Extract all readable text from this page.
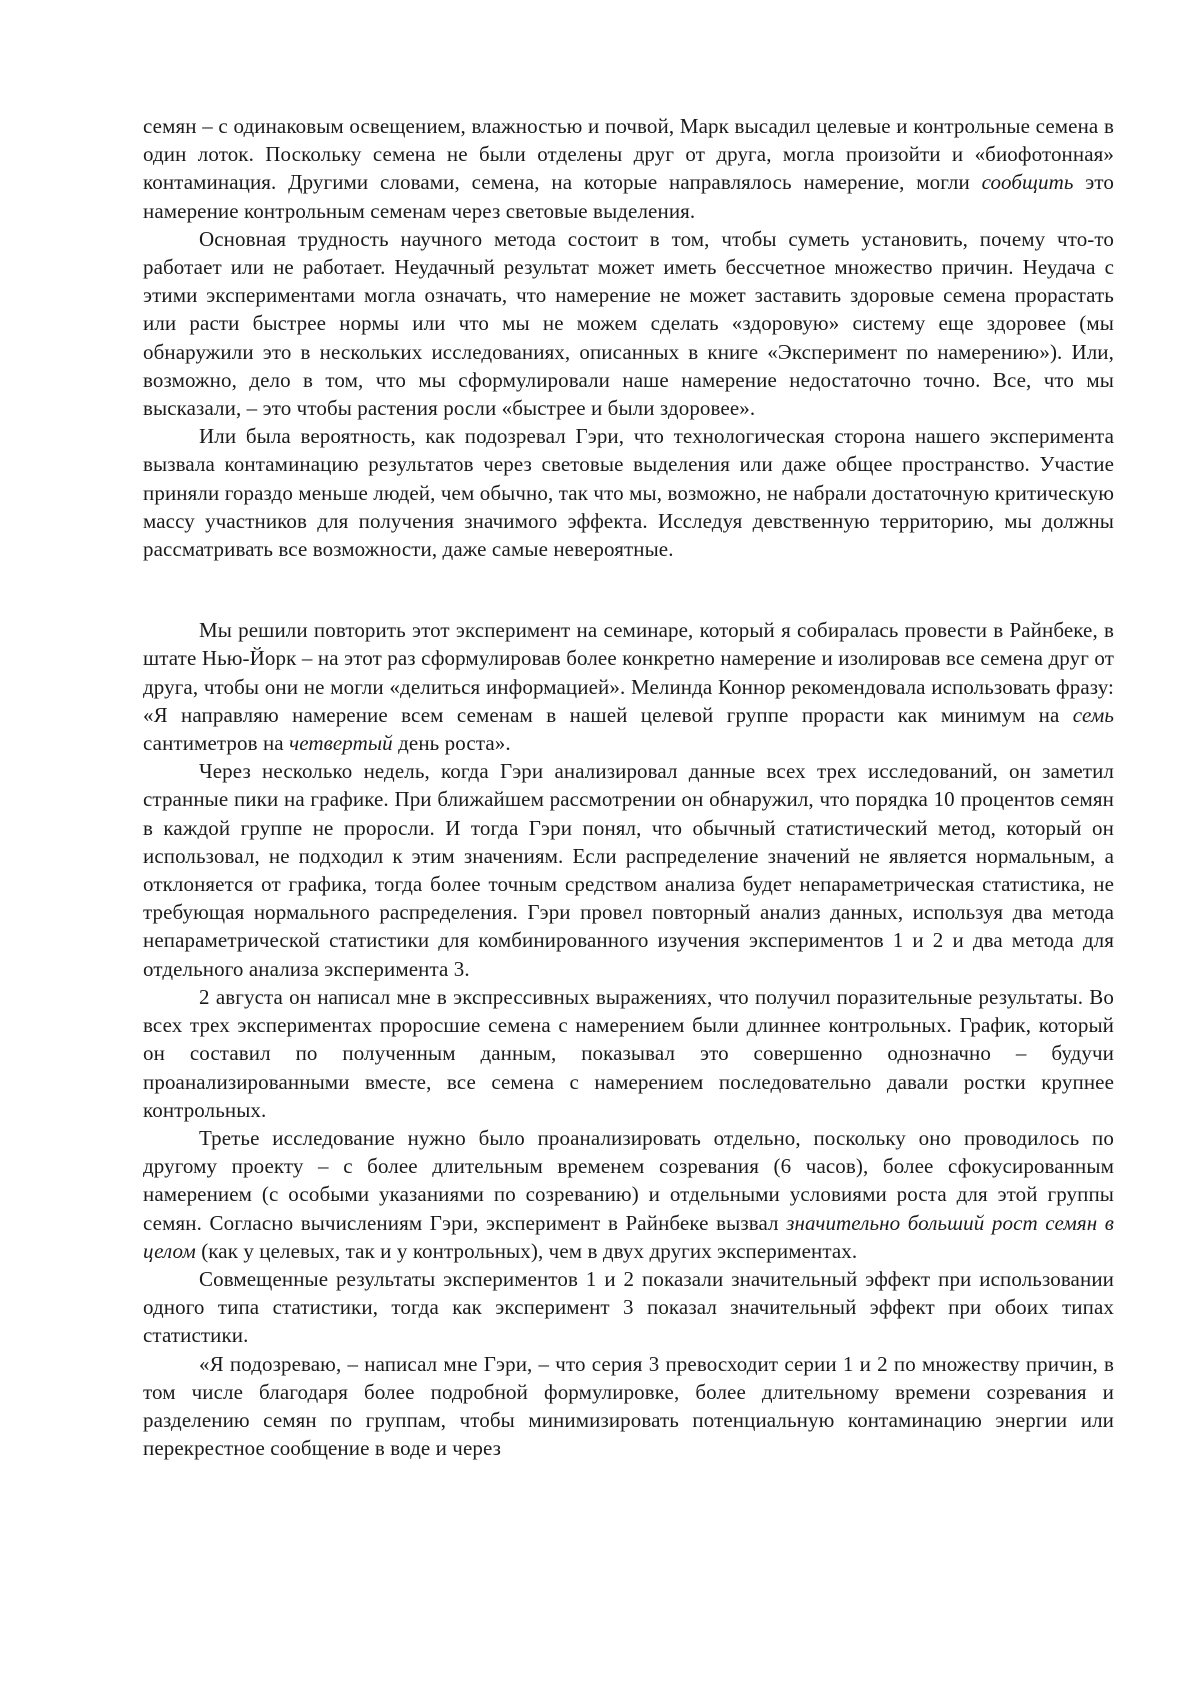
семян – с одинаковым освещением, влажностью и почвой, Марк высадил целевые и контрольные семена в один лоток. Поскольку семена не были отделены друг от друга, могла произойти и «биофотонная» контаминация. Другими словами, семена, на которые направлялось намерение, могли сообщить это намерение контрольным семенам через световые выделения.

Основная трудность научного метода состоит в том, чтобы суметь установить, почему что-то работает или не работает. Неудачный результат может иметь бессчетное множество причин. Неудача с этими экспериментами могла означать, что намерение не может заставить здоровые семена прорастать или расти быстрее нормы или что мы не можем сделать «здоровую» систему еще здоровее (мы обнаружили это в нескольких исследованиях, описанных в книге «Эксперимент по намерению»). Или, возможно, дело в том, что мы сформулировали наше намерение недостаточно точно. Все, что мы высказали, – это чтобы растения росли «быстрее и были здоровее».

Или была вероятность, как подозревал Гэри, что технологическая сторона нашего эксперимента вызвала контаминацию результатов через световые выделения или даже общее пространство. Участие приняли гораздо меньше людей, чем обычно, так что мы, возможно, не набрали достаточную критическую массу участников для получения значимого эффекта. Исследуя девственную территорию, мы должны рассматривать все возможности, даже самые невероятные.

Мы решили повторить этот эксперимент на семинаре, который я собиралась провести в Райнбеке, в штате Нью-Йорк – на этот раз сформулировав более конкретно намерение и изолировав все семена друг от друга, чтобы они не могли «делиться информацией». Мелинда Коннор рекомендовала использовать фразу: «Я направляю намерение всем семенам в нашей целевой группе прорасти как минимум на семь сантиметров на четвертый день роста».

Через несколько недель, когда Гэри анализировал данные всех трех исследований, он заметил странные пики на графике. При ближайшем рассмотрении он обнаружил, что порядка 10 процентов семян в каждой группе не проросли. И тогда Гэри понял, что обычный статистический метод, который он использовал, не подходил к этим значениям. Если распределение значений не является нормальным, а отклоняется от графика, тогда более точным средством анализа будет непараметрическая статистика, не требующая нормального распределения. Гэри провел повторный анализ данных, используя два метода непараметрической статистики для комбинированного изучения экспериментов 1 и 2 и два метода для отдельного анализа эксперимента 3.

2 августа он написал мне в экспрессивных выражениях, что получил поразительные результаты. Во всех трех экспериментах проросшие семена с намерением были длиннее контрольных. График, который он составил по полученным данным, показывал это совершенно однозначно – будучи проанализированными вместе, все семена с намерением последовательно давали ростки крупнее контрольных.

Третье исследование нужно было проанализировать отдельно, поскольку оно проводилось по другому проекту – с более длительным временем созревания (6 часов), более сфокусированным намерением (с особыми указаниями по созреванию) и отдельными условиями роста для этой группы семян. Согласно вычислениям Гэри, эксперимент в Райнбеке вызвал значительно больший рост семян в целом (как у целевых, так и у контрольных), чем в двух других экспериментах.

Совмещенные результаты экспериментов 1 и 2 показали значительный эффект при использовании одного типа статистики, тогда как эксперимент 3 показал значительный эффект при обоих типах статистики.

«Я подозреваю, – написал мне Гэри, – что серия 3 превосходит серии 1 и 2 по множеству причин, в том числе благодаря более подробной формулировке, более длительному времени созревания и разделению семян по группам, чтобы минимизировать потенциальную контаминацию энергии или перекрестное сообщение в воде и через
